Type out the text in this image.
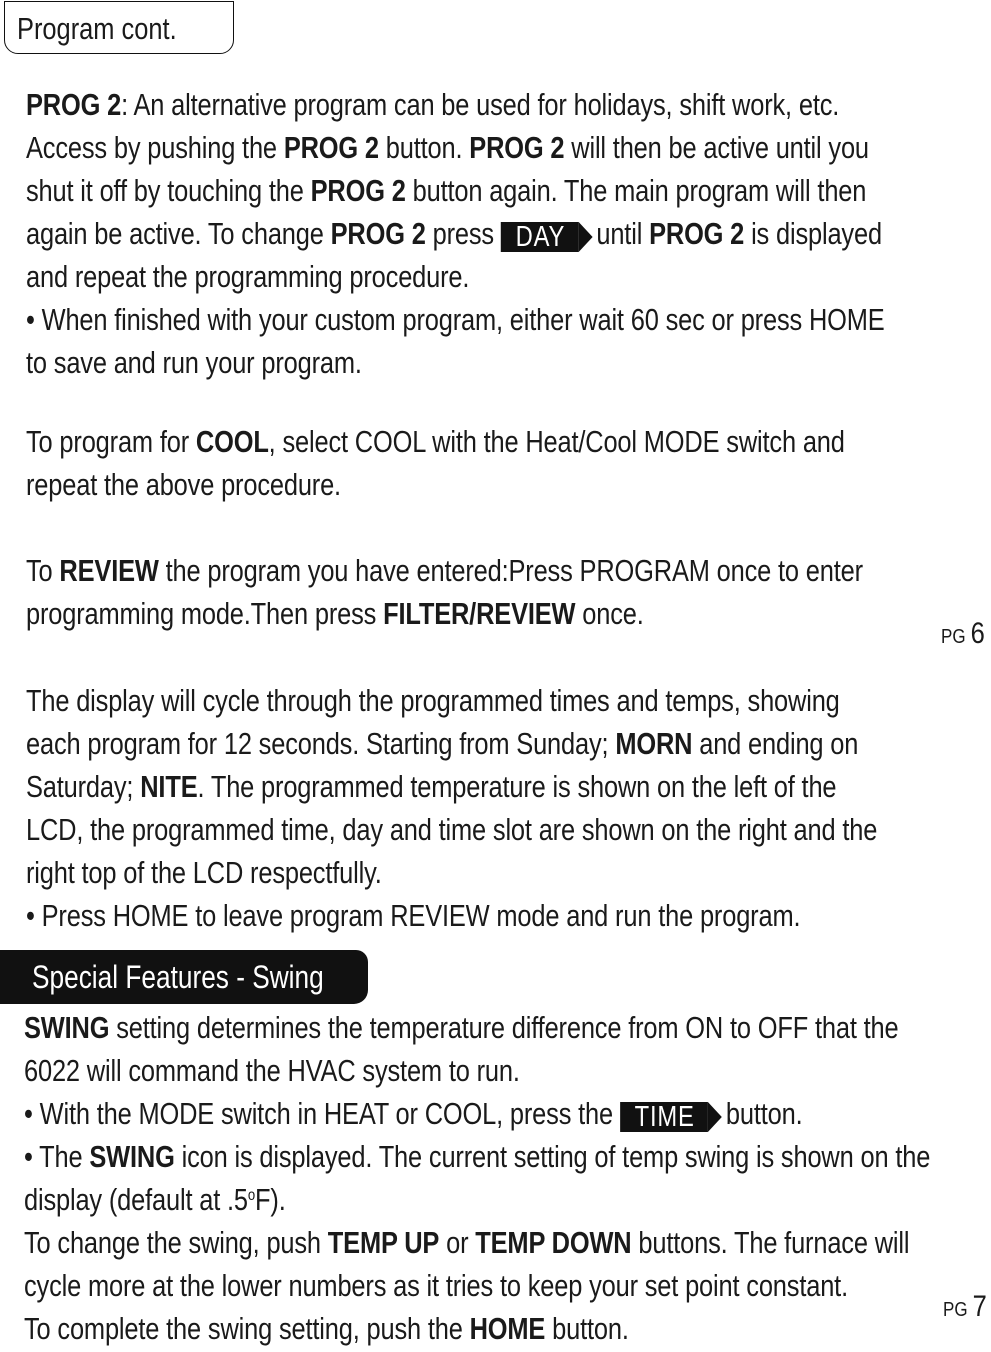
Program cont.
PROG 2: An alternative program can be used for holidays, shift work, etc.
Access by pushing the PROG 2 button. PROG 2 will then be active until you
shut it off by touching the PROG 2 button again. The main program will then
again be active. To change PROG 2 press DAY until PROG 2 is displayed
and repeat the programming procedure.
• When finished with your custom program, either wait 60 sec or press HOME
to save and run your program.
To program for COOL, select COOL with the Heat/Cool MODE switch and
repeat the above procedure.
To REVIEW the program you have entered:Press PROGRAM once to enter
programming mode.Then press FILTER/REVIEW once.
PG 6
The display will cycle through the programmed times and temps, showing
each program for 12 seconds. Starting from Sunday; MORN and ending on
Saturday; NITE. The programmed temperature is shown on the left of the
LCD, the programmed time, day and time slot are shown on the right and the
right top of the LCD respectfully.
• Press HOME to leave program REVIEW mode and run the program.
Special Features - Swing
SWING setting determines the temperature difference from ON to OFF that the
6022 will command the HVAC system to run.
• With the MODE switch in HEAT or COOL, press the TIME button.
• The SWING icon is displayed. The current setting of temp swing is shown on the
display (default at .5$^o$F).
To change the swing, push TEMP UP or TEMP DOWN buttons. The furnace will
cycle more at the lower numbers as it tries to keep your set point constant.
To complete the swing setting, push the HOME button.
PG 7
